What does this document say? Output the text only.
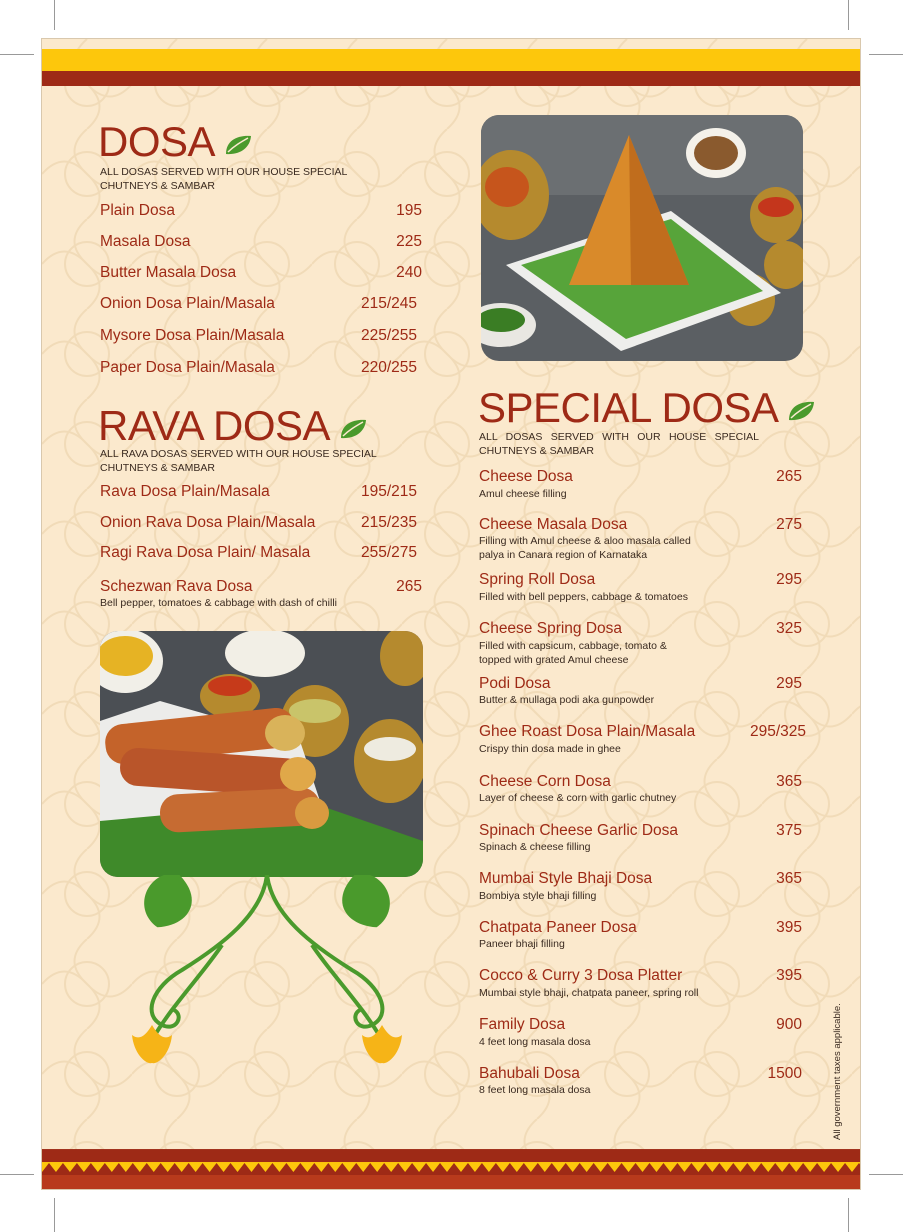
DOSA
ALL DOSAS SERVED WITH OUR HOUSE SPECIAL CHUTNEYS & SAMBAR
Plain Dosa	195
Masala Dosa	225
Butter Masala Dosa	240
Onion Dosa Plain/Masala	215/245
Mysore Dosa Plain/Masala	225/255
Paper Dosa Plain/Masala	220/255
RAVA DOSA
ALL RAVA DOSAS SERVED WITH OUR HOUSE SPECIAL CHUTNEYS & SAMBAR
Rava Dosa Plain/Masala	195/215
Onion Rava Dosa Plain/Masala	215/235
Ragi Rava Dosa Plain/ Masala	255/275
Schezwan Rava Dosa	265
Bell pepper, tomatoes & cabbage with dash of chilli
SPECIAL DOSA
ALL DOSAS SERVED WITH OUR HOUSE SPECIAL CHUTNEYS & SAMBAR
Cheese Dosa	265
Amul cheese filling
Cheese Masala Dosa	275
Filling with Amul cheese & aloo masala called palya in Canara region of Karnataka
Spring Roll Dosa	295
Filled with bell peppers, cabbage & tomatoes
Cheese Spring Dosa	325
Filled with capsicum, cabbage, tomato & topped with grated Amul cheese
Podi Dosa	295
Butter & mullaga podi aka gunpowder
Ghee Roast Dosa Plain/Masala	295/325
Crispy thin dosa made in ghee
Cheese Corn Dosa	365
Layer of cheese & corn with garlic chutney
Spinach Cheese Garlic Dosa	375
Spinach & cheese filling
Mumbai Style Bhaji Dosa	365
Bombiya style bhaji filling
Chatpata Paneer Dosa	395
Paneer bhaji filling
Cocco & Curry 3 Dosa Platter	395
Mumbai style bhaji, chatpata paneer, spring roll
Family Dosa	900
4 feet long masala dosa
Bahubali Dosa	1500
8 feet long masala dosa	All government taxes applicable.
